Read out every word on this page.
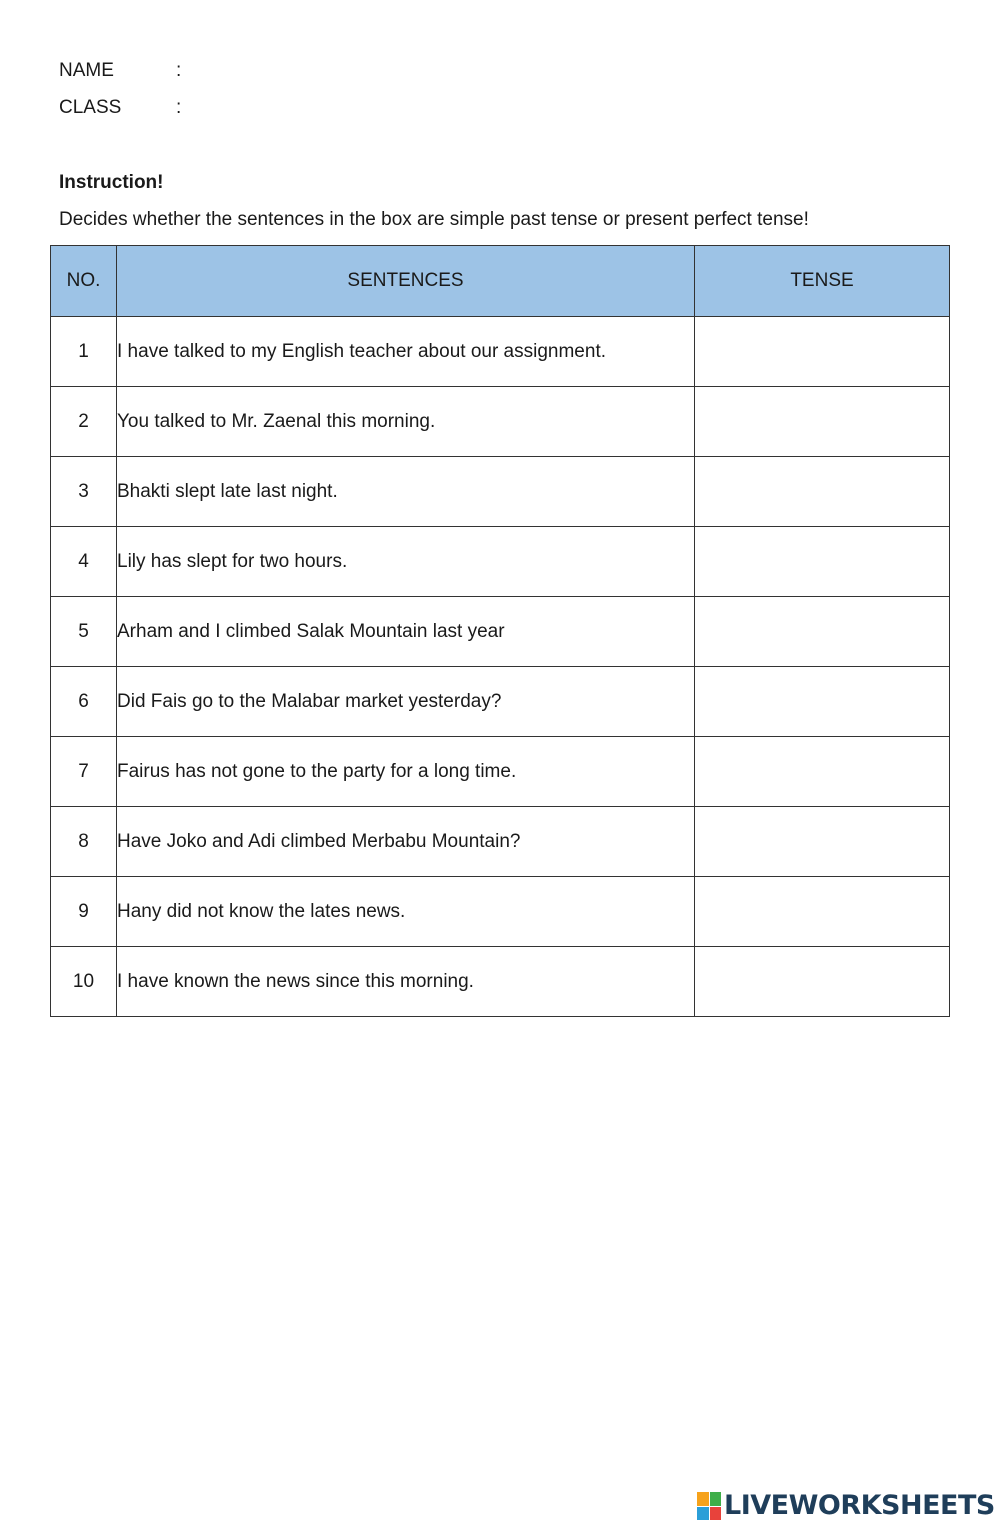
NAME	:
CLASS	:
Instruction!
Decides whether the sentences in the box are simple past tense or present perfect tense!
NO.	SENTENCES	TENSE
1	I have talked to my English teacher about our assignment.	
2	You talked to Mr. Zaenal this morning.	
3	Bhakti slept late last night.	
4	Lily has slept for two hours.	
5	Arham and I climbed Salak Mountain last year	
6	Did Fais go to the Malabar market yesterday?	
7	Fairus has not gone to the party for a long time.	
8	Have Joko and Adi climbed Merbabu Mountain?	
9	Hany did not know the lates news.	
10	I have known the news since this morning.	
LIVEWORKSHEETS
